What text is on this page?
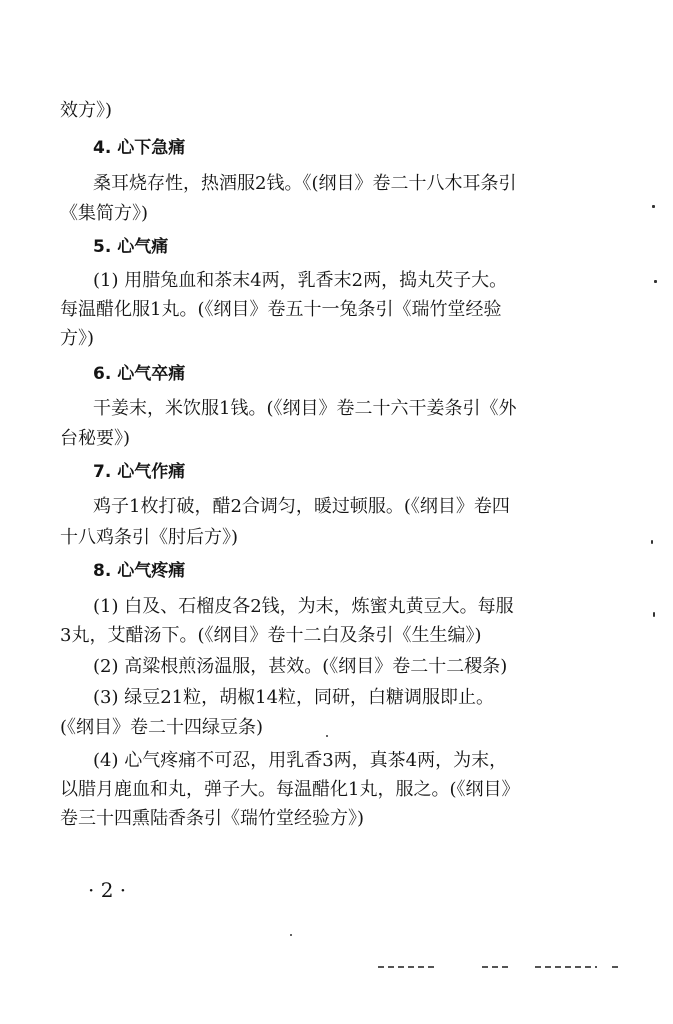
效方》)
4. 心下急痛
桑耳烧存性，热酒服2钱。《(纲目》卷二十八木耳条引
《集简方》)
5. 心气痛
(1) 用腊兔血和茶末4两，乳香末2两，捣丸芡子大。
每温醋化服1丸。(《纲目》卷五十一兔条引《瑞竹堂经验
方》)
6. 心气卒痛
干姜末，米饮服1钱。(《纲目》卷二十六干姜条引《外
台秘要》)
7. 心气作痛
鸡子1枚打破，醋2合调匀，暖过顿服。(《纲目》卷四
十八鸡条引《肘后方》)
8. 心气疼痛
(1) 白及、石榴皮各2钱，为末，炼蜜丸黄豆大。每服
3丸，艾醋汤下。(《纲目》卷十二白及条引《生生编》)
(2) 高粱根煎汤温服，甚效。(《纲目》卷二十二稷条)
(3) 绿豆21粒，胡椒14粒，同研，白糖调服即止。
(《纲目》卷二十四绿豆条)
(4) 心气疼痛不可忍，用乳香3两，真茶4两，为末，
以腊月鹿血和丸，弹子大。每温醋化1丸，服之。(《纲目》
卷三十四熏陆香条引《瑞竹堂经验方》)
· 2 ·
